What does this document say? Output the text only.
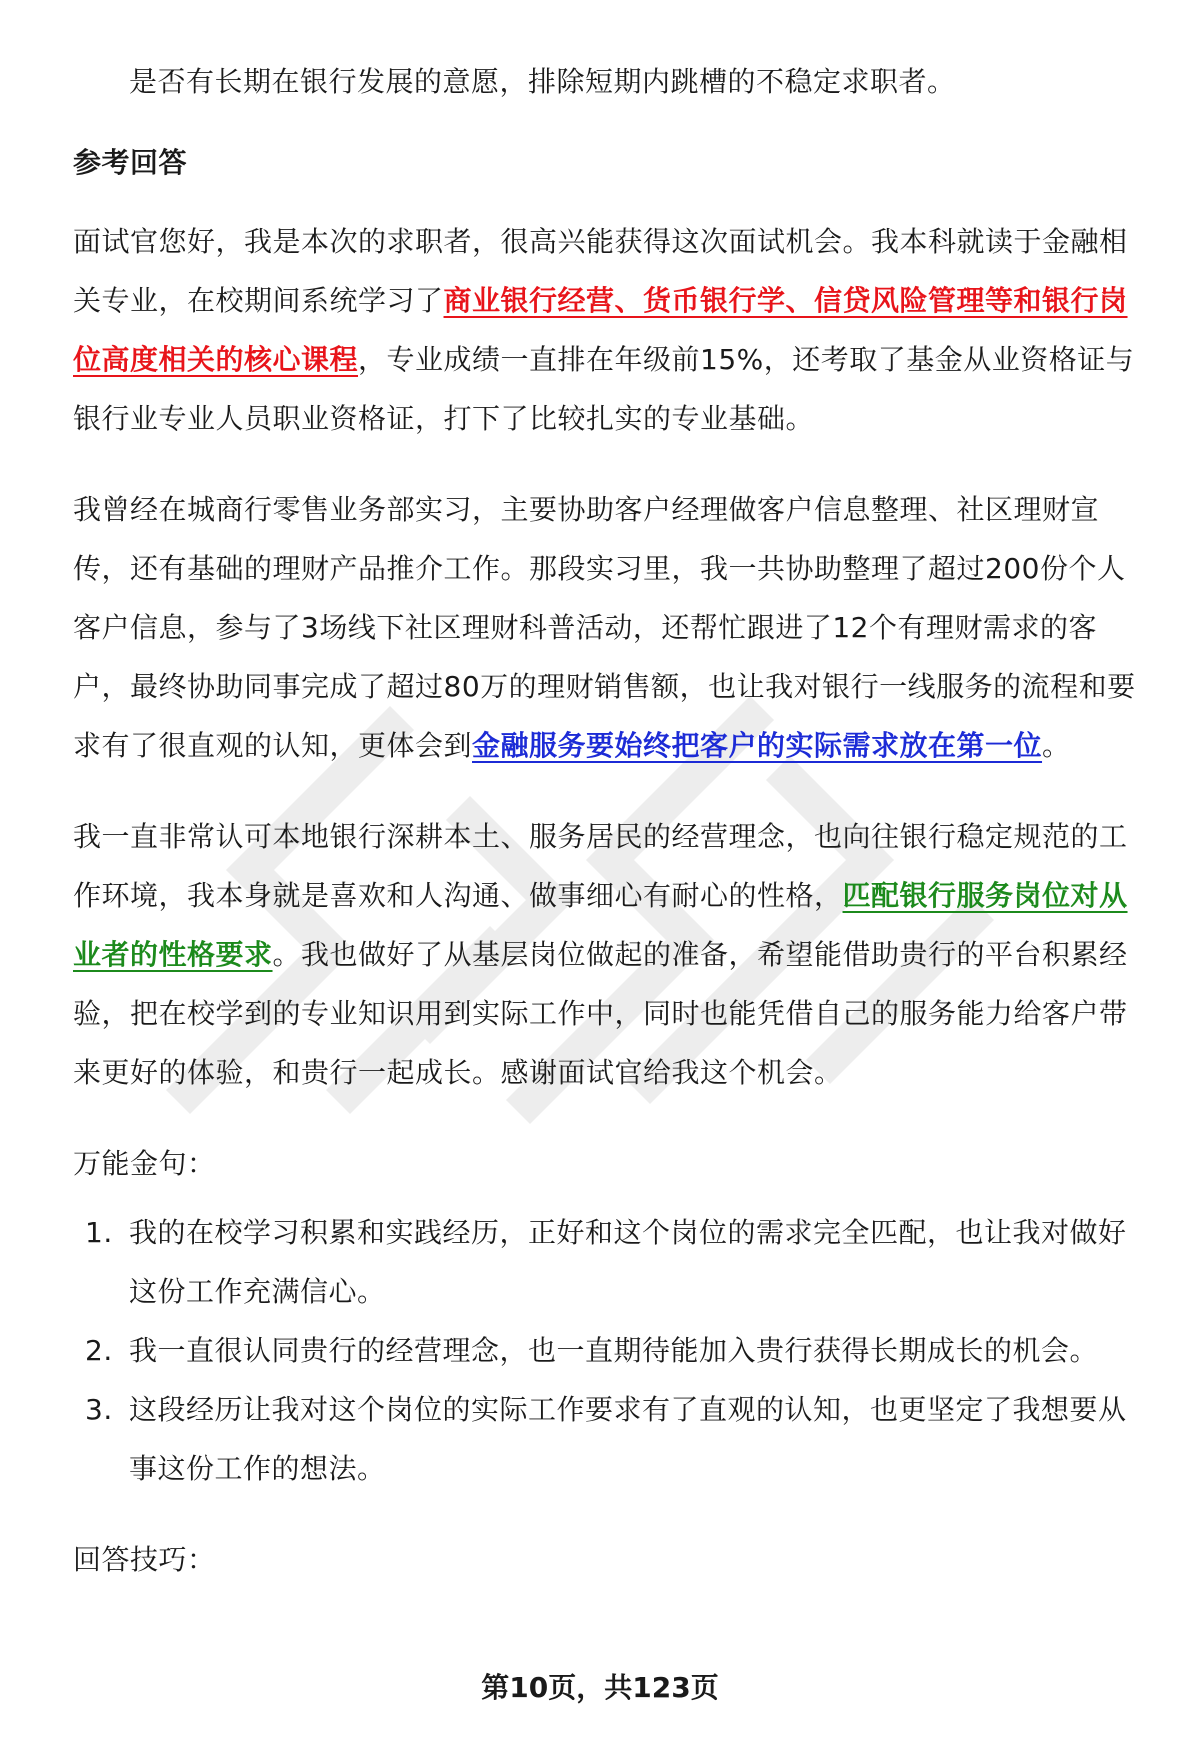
是否有长期在银行发展的意愿，排除短期内跳槽的不稳定求职者。

参考回答

面试官您好，我是本次的求职者，很高兴能获得这次面试机会。我本科就读于金融相关专业，在校期间系统学习了商业银行经营、货币银行学、信贷风险管理等和银行岗位高度相关的核心课程，专业成绩一直排在年级前15%，还考取了基金从业资格证与银行业专业人员职业资格证，打下了比较扎实的专业基础。

我曾经在城商行零售业务部实习，主要协助客户经理做客户信息整理、社区理财宣传，还有基础的理财产品推介工作。那段实习里，我一共协助整理了超过200份个人客户信息，参与了3场线下社区理财科普活动，还帮忙跟进了12个有理财需求的客户，最终协助同事完成了超过80万的理财销售额，也让我对银行一线服务的流程和要求有了很直观的认知，更体会到金融服务要始终把客户的实际需求放在第一位。

我一直非常认可本地银行深耕本土、服务居民的经营理念，也向往银行稳定规范的工作环境，我本身就是喜欢和人沟通、做事细心有耐心的性格，匹配银行服务岗位对从业者的性格要求。我也做好了从基层岗位做起的准备，希望能借助贵行的平台积累经验，把在校学到的专业知识用到实际工作中，同时也能凭借自己的服务能力给客户带来更好的体验，和贵行一起成长。感谢面试官给我这个机会。

万能金句：

1. 我的在校学习积累和实践经历，正好和这个岗位的需求完全匹配，也让我对做好这份工作充满信心。
2. 我一直很认同贵行的经营理念，也一直期待能加入贵行获得长期成长的机会。
3. 这段经历让我对这个岗位的实际工作要求有了直观的认知，也更坚定了我想要从事这份工作的想法。

回答技巧：

第10页，共123页
